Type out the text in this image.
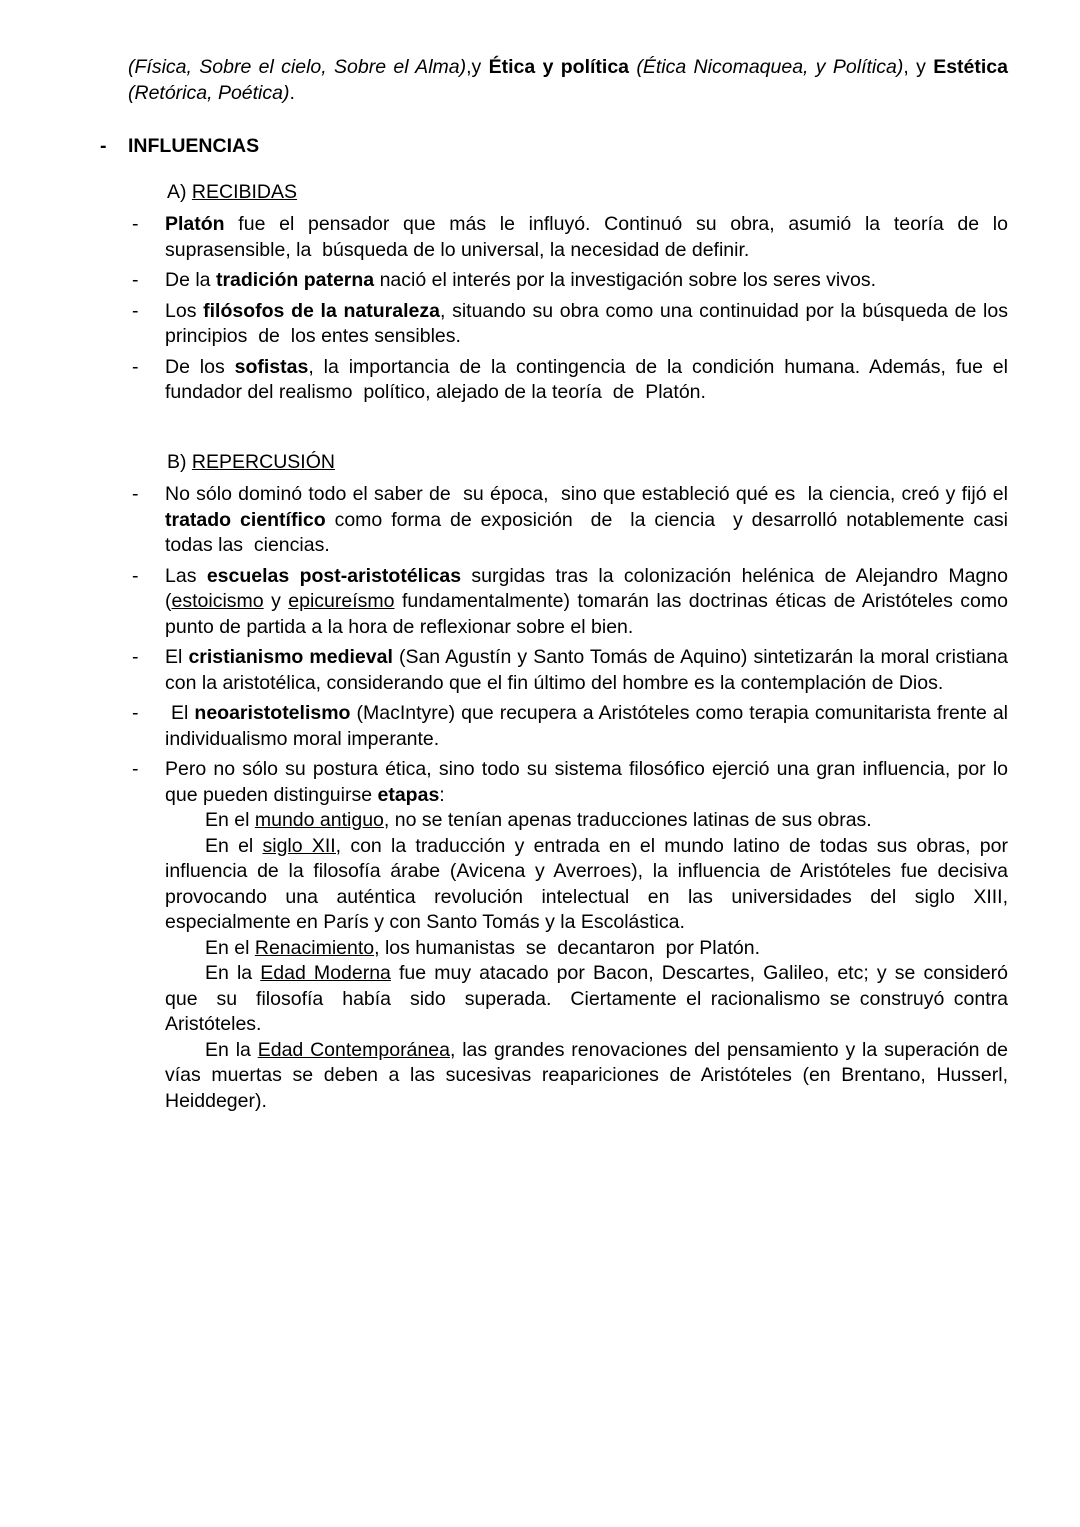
(Física, Sobre el cielo, Sobre el Alma),y Ética y política (Ética Nicomaquea, y Política), y Estética (Retórica, Poética).

-	INFLUENCIAS
A) RECIBIDAS
-	Platón fue el pensador que más le influyó. Continuó su obra, asumió la teoría de lo suprasensible, la  búsqueda de lo universal, la necesidad de definir.
-	De la tradición paterna nació el interés por la investigación sobre los seres vivos.
-	Los filósofos de la naturaleza, situando su obra como una continuidad por la búsqueda de los  principios  de  los entes sensibles.
-	De los sofistas, la importancia de la contingencia de la condición humana. Además, fue el fundador del realismo  político, alejado de la teoría  de  Platón.
B) REPERCUSIÓN
-	No sólo dominó todo el saber de  su época,  sino que estableció qué es  la ciencia, creó y fijó el tratado científico como forma de exposición  de  la ciencia  y desarrolló notablemente casi todas las  ciencias.
-	Las escuelas post-aristotélicas surgidas tras la colonización helénica de Alejandro Magno (estoicismo y epicureísmo fundamentalmente) tomarán las doctrinas éticas de Aristóteles como punto de partida a la hora de reflexionar sobre el bien.
-	El cristianismo medieval (San Agustín y Santo Tomás de Aquino) sintetizarán la moral cristiana con la aristotélica, considerando que el fin último del hombre es la contemplación de Dios.
-	El neoaristotelismo (MacIntyre) que recupera a Aristóteles como terapia comunitarista frente al individualismo moral imperante.
-	Pero no sólo su postura ética, sino todo su sistema filosófico ejerció una gran influencia, por lo que pueden distinguirse etapas:
En el mundo antiguo, no se tenían apenas traducciones latinas de sus obras.
En el siglo XII, con la traducción y entrada en el mundo latino de todas sus obras, por influencia de la filosofía árabe (Avicena y Averroes), la influencia de Aristóteles fue decisiva provocando una auténtica revolución intelectual en las universidades del siglo XIII, especialmente en París y con Santo Tomás y la Escolástica.
En el Renacimiento, los humanistas  se  decantaron  por Platón.
En la Edad Moderna fue muy atacado por Bacon, Descartes, Galileo, etc; y se consideró  que  su  filosofía  había  sido  superada.  Ciertamente el racionalismo se construyó contra Aristóteles.
En la Edad Contemporánea, las grandes renovaciones del pensamiento y la superación de vías muertas se deben a las sucesivas reapariciones de Aristóteles (en Brentano, Husserl, Heiddeger).
